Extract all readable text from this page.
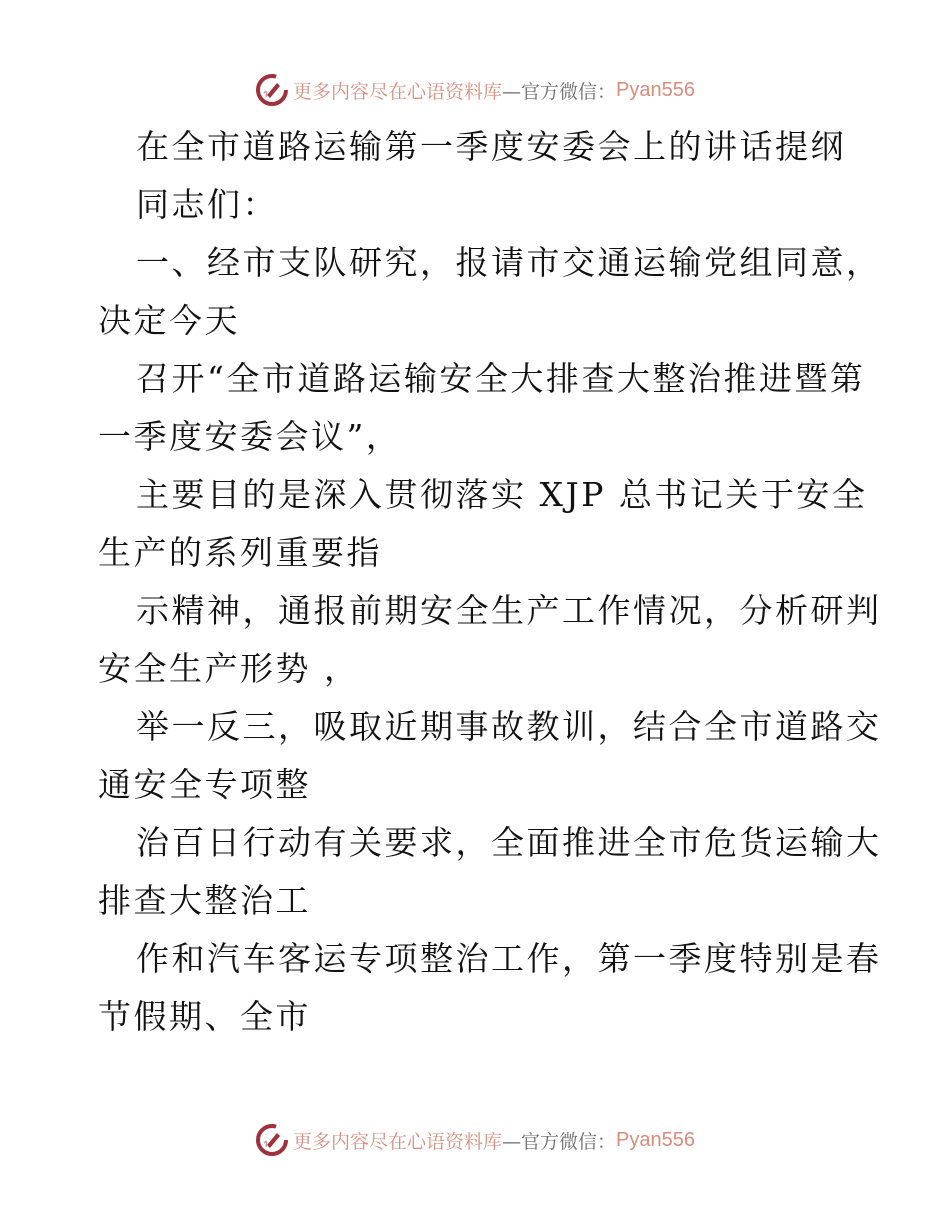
更多内容尽在心语资料库 —官方微信： Pyan556
在全市道路运输第一季度安委会上的讲话提纲
同志们：
一、经市支队研究，报请市交通运输党组同意，
决定今天
召开“全市道路运输安全大排查大整治推进暨第
一季度安委会议”，
主要目的是深入贯彻落实 XJP 总书记关于安全
生产的系列重要指
示精神，通报前期安全生产工作情况，分析研判
安全生产形势 ，
举一反三，吸取近期事故教训，结合全市道路交
通安全专项整
治百日行动有关要求，全面推进全市危货运输大
排查大整治工
作和汽车客运专项整治工作，第一季度特别是春
节假期、全市
更多内容尽在心语资料库 —官方微信： Pyan556
